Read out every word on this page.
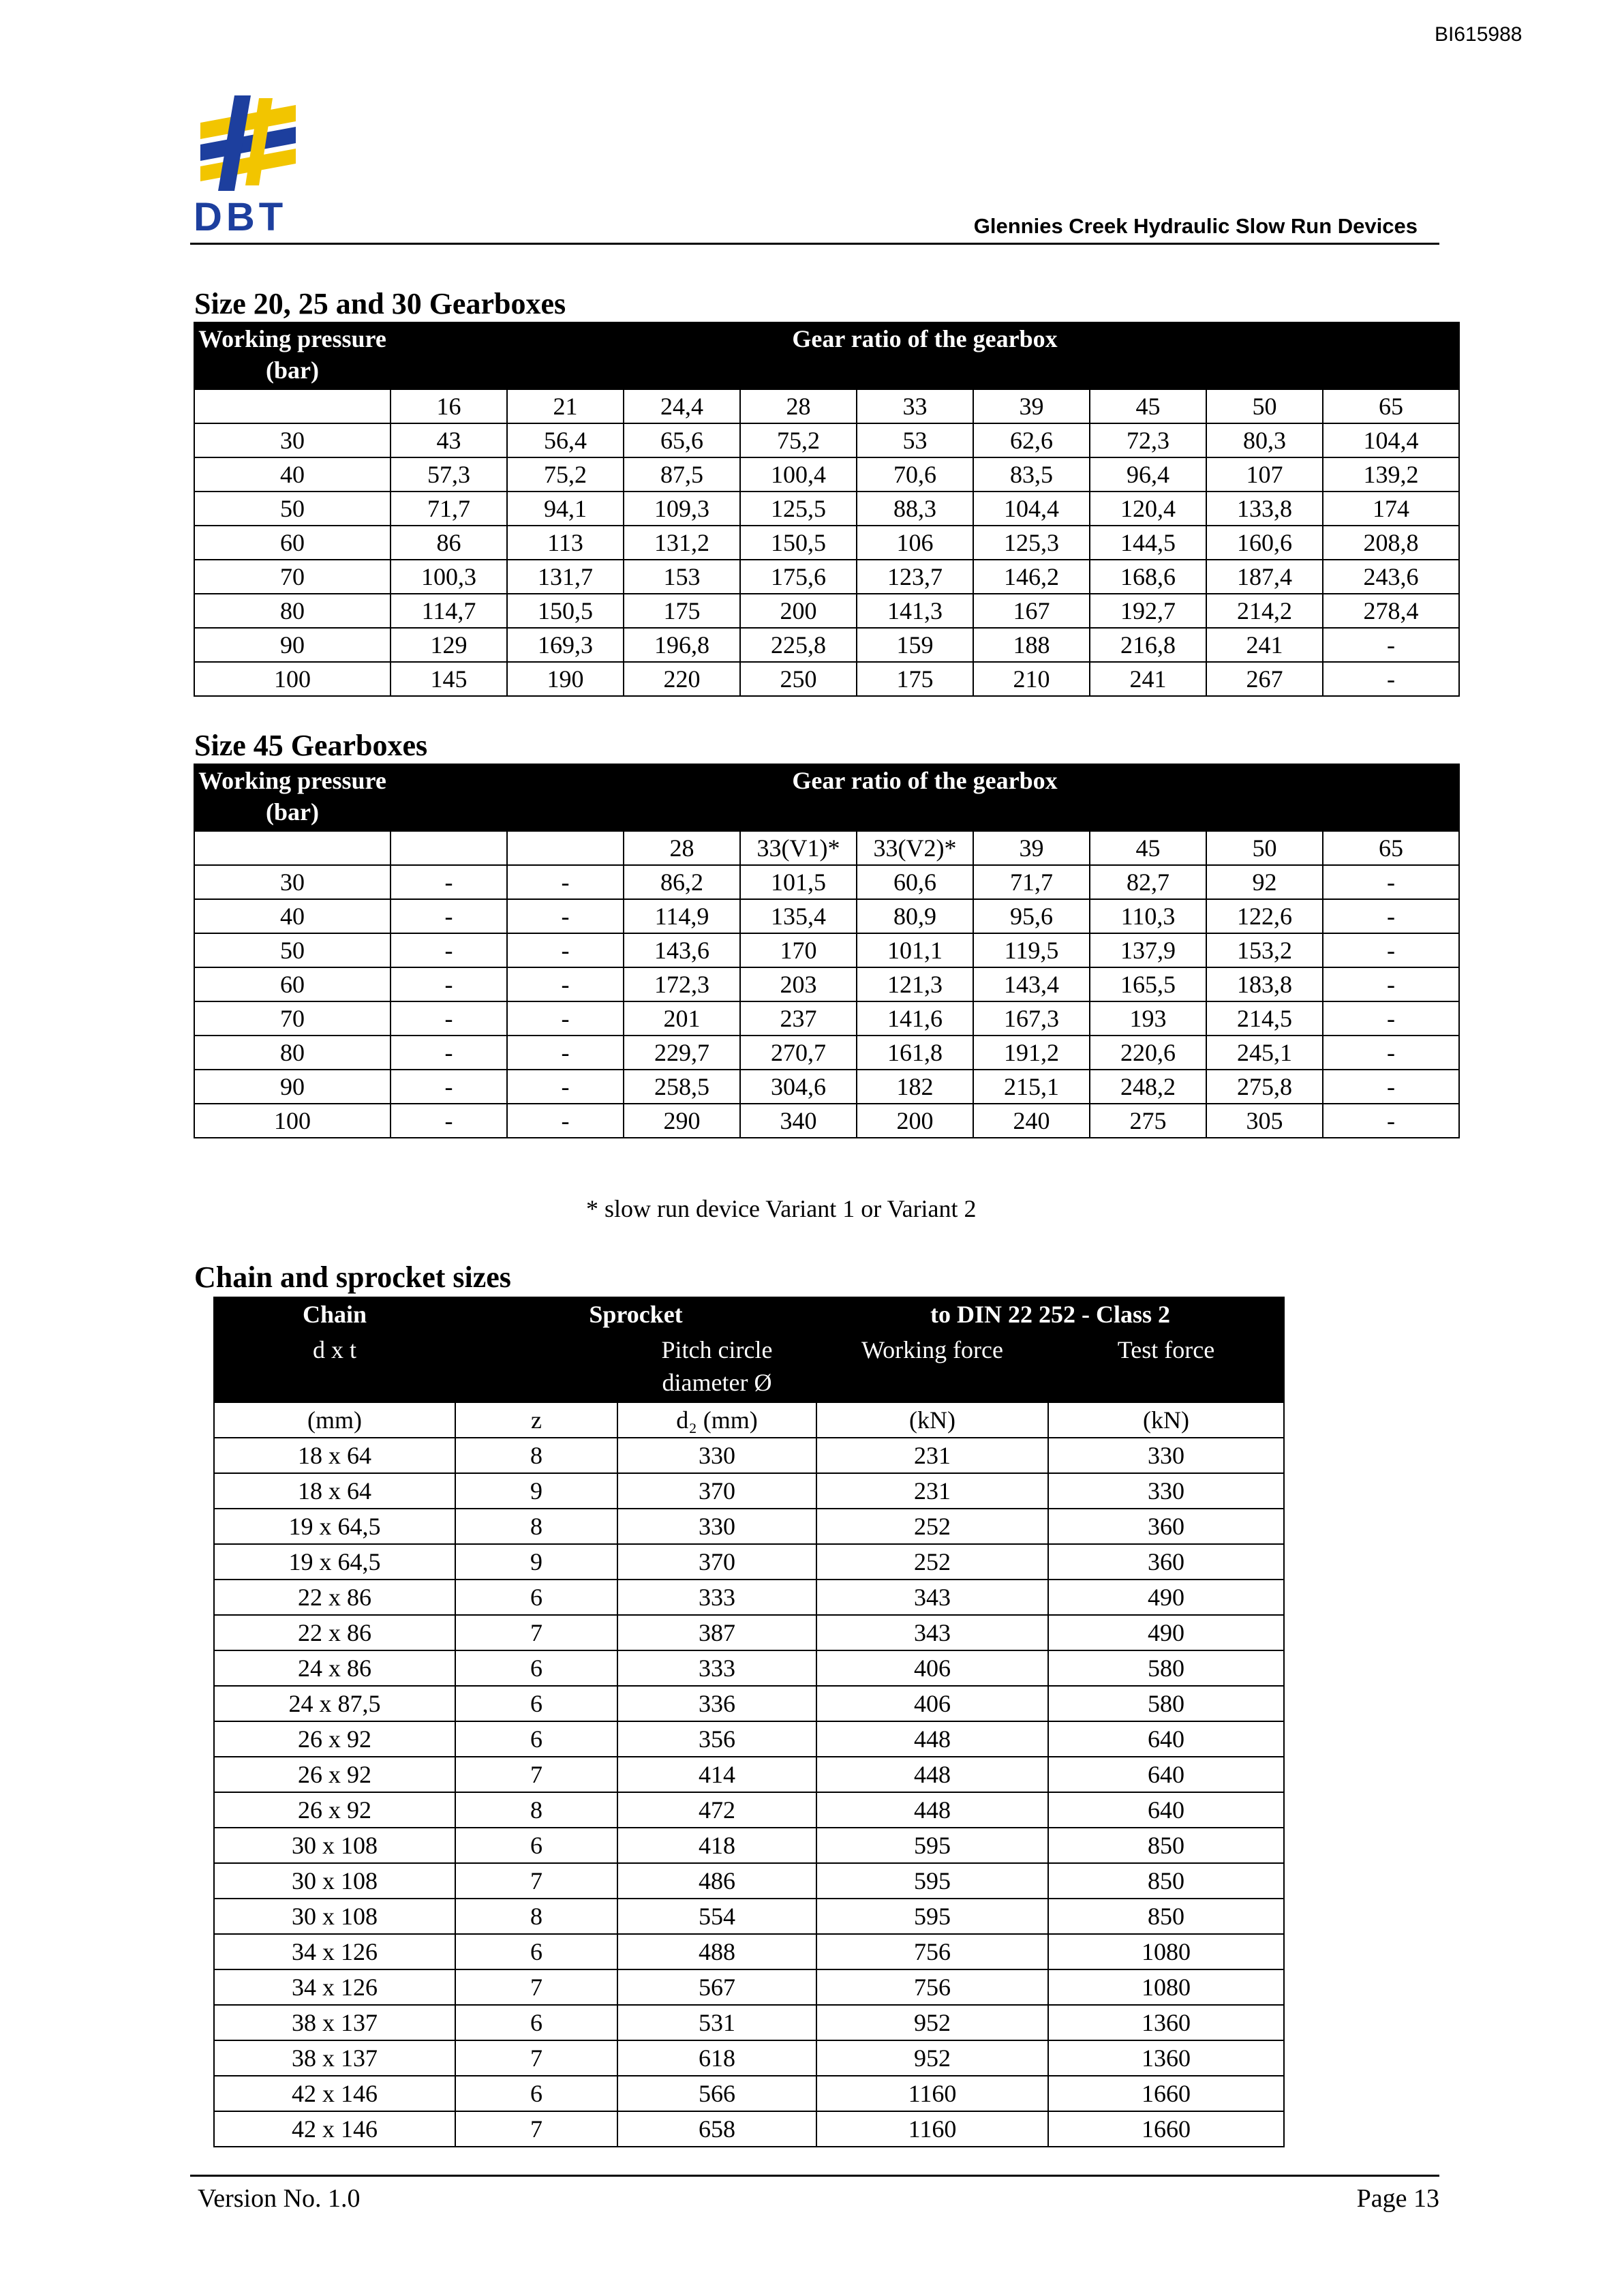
BI615988
DBT	Glennies Creek Hydraulic Slow Run Devices
Size 20, 25 and 30 Gearboxes
Working pressure (bar)	Gear ratio of the gearbox								
	16	21	24,4	28	33	39	45	50	65
30	43	56,4	65,6	75,2	53	62,6	72,3	80,3	104,4
40	57,3	75,2	87,5	100,4	70,6	83,5	96,4	107	139,2
50	71,7	94,1	109,3	125,5	88,3	104,4	120,4	133,8	174
60	86	113	131,2	150,5	106	125,3	144,5	160,6	208,8
70	100,3	131,7	153	175,6	123,7	146,2	168,6	187,4	243,6
80	114,7	150,5	175	200	141,3	167	192,7	214,2	278,4
90	129	169,3	196,8	225,8	159	188	216,8	241	-
100	145	190	220	250	175	210	241	267	-
Size 45 Gearboxes
Working pressure (bar)	Gear ratio of the gearbox								
			28	33(V1)*	33(V2)*	39	45	50	65
30	-	-	86,2	101,5	60,6	71,7	82,7	92	-
40	-	-	114,9	135,4	80,9	95,6	110,3	122,6	-
50	-	-	143,6	170	101,1	119,5	137,9	153,2	-
60	-	-	172,3	203	121,3	143,4	165,5	183,8	-
70	-	-	201	237	141,6	167,3	193	214,5	-
80	-	-	229,7	270,7	161,8	191,2	220,6	245,1	-
90	-	-	258,5	304,6	182	215,1	248,2	275,8	-
100	-	-	290	340	200	240	275	305	-
* slow run device Variant 1 or Variant 2
Chain and sprocket sizes
Chain	Sprocket		to DIN 22 252 - Class 2	
d x t		Pitch circle diameter Ø	Working force	Test force
(mm)	z	d₂ (mm)	(kN)	(kN)
18 x 64	8	330	231	330
18 x 64	9	370	231	330
19 x 64,5	8	330	252	360
19 x 64,5	9	370	252	360
22 x 86	6	333	343	490
22 x 86	7	387	343	490
24 x 86	6	333	406	580
24 x 87,5	6	336	406	580
26 x 92	6	356	448	640
26 x 92	7	414	448	640
26 x 92	8	472	448	640
30 x 108	6	418	595	850
30 x 108	7	486	595	850
30 x 108	8	554	595	850
34 x 126	6	488	756	1080
34 x 126	7	567	756	1080
38 x 137	6	531	952	1360
38 x 137	7	618	952	1360
42 x 146	6	566	1160	1660
42 x 146	7	658	1160	1660
Version No. 1.0	Page 13
